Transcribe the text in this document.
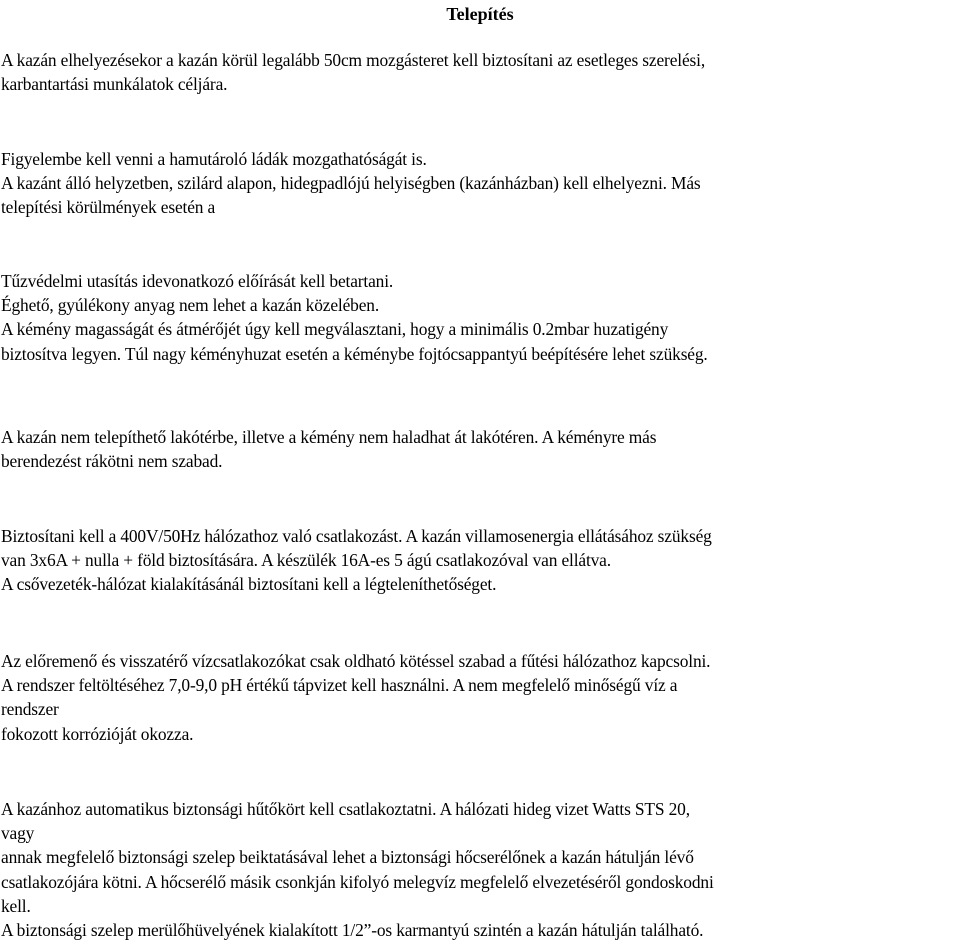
Telepítés
A kazán elhelyezésekor a kazán körül legalább 50cm mozgásteret kell biztosítani az esetleges szerelési,
karbantartási munkálatok céljára.
Figyelembe kell venni a hamutároló ládák mozgathatóságát is.
A kazánt álló helyzetben, szilárd alapon, hidegpadlójú helyiségben (kazánházban) kell elhelyezni. Más
telepítési körülmények esetén a
Tűzvédelmi utasítás idevonatkozó előírását kell betartani.
Éghető, gyúlékony anyag nem lehet a kazán közelében.
A kémény magasságát és átmérőjét úgy kell megválasztani, hogy a minimális 0.2mbar huzatigény
biztosítva legyen. Túl nagy kéményhuzat esetén a kéménybe fojtócsappantyú beépítésére lehet szükség.
A kazán nem telepíthető lakótérbe, illetve a kémény nem haladhat át lakótéren. A kéményre más
berendezést rákötni nem szabad.
Biztosítani kell a 400V/50Hz hálózathoz való csatlakozást. A kazán villamosenergia ellátásához szükség
van 3x6A + nulla + föld biztosítására. A készülék 16A-es 5 ágú csatlakozóval van ellátva.
A csővezeték-hálózat kialakításánál biztosítani kell a légteleníthetőséget.
Az előremenő és visszatérő vízcsatlakozókat csak oldható kötéssel szabad a fűtési hálózathoz kapcsolni.
A rendszer feltöltéséhez 7,0-9,0 pH értékű tápvizet kell használni. A nem megfelelő minőségű víz a
rendszer
fokozott korrózióját okozza.
A kazánhoz automatikus biztonsági hűtőkört kell csatlakoztatni. A hálózati hideg vizet Watts STS 20,
vagy
annak megfelelő biztonsági szelep beiktatásával lehet a biztonsági hőcserélőnek a kazán hátulján lévő
csatlakozójára kötni. A hőcserélő másik csonkján kifolyó melegvíz megfelelő elvezetéséről gondoskodni
kell.
A biztonsági szelep merülőhüvelyének kialakított 1/2”-os karmantyú szintén a kazán hátulján található.
